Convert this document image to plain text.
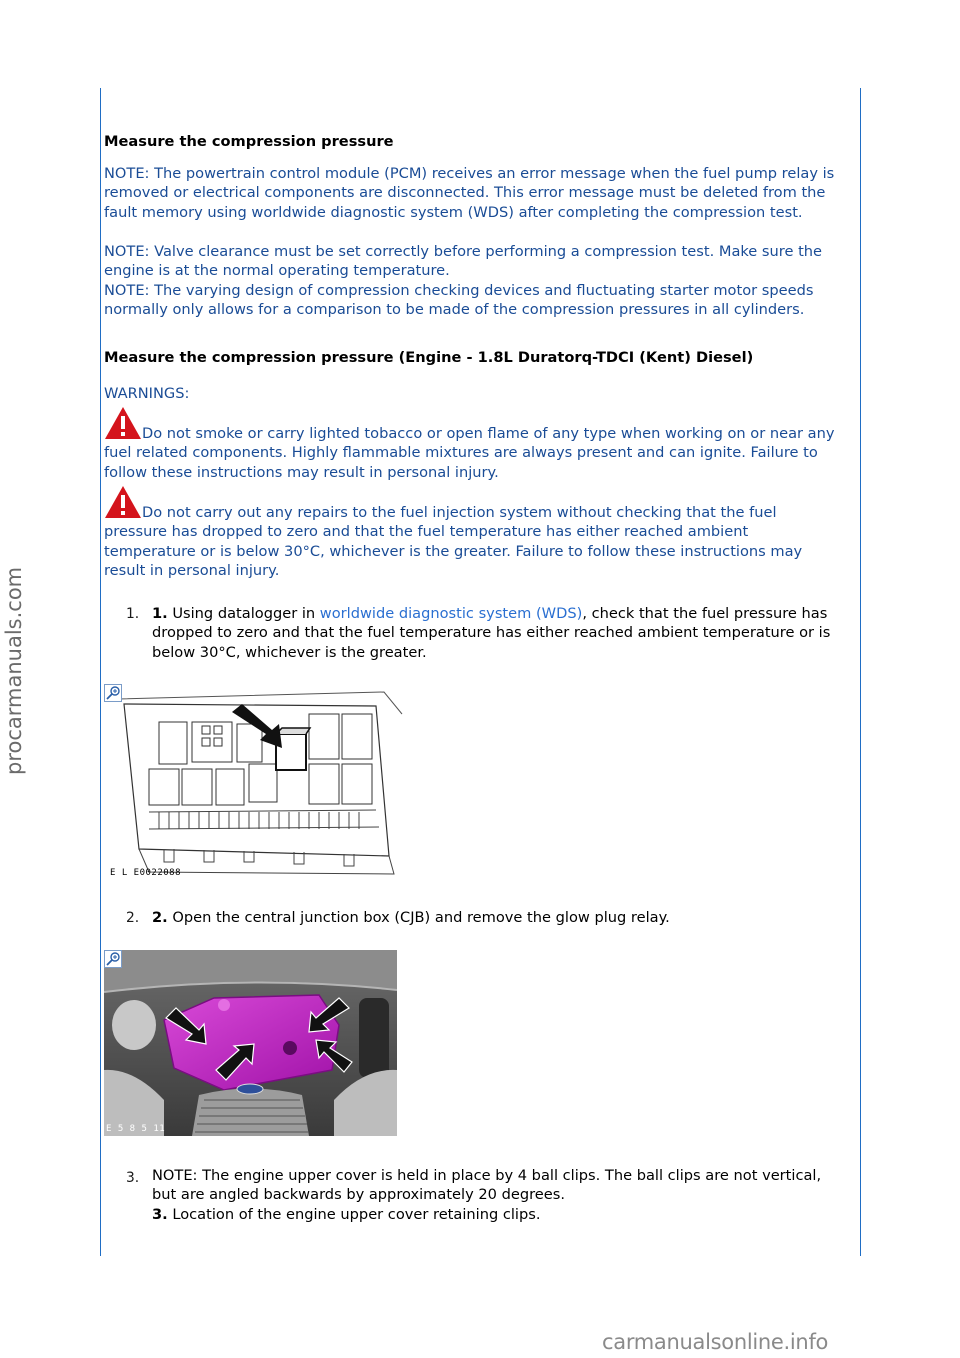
procarmanuals.com
Measure the compression pressure
NOTE: The powertrain control module (PCM) receives an error message when the fuel pump relay is removed or electrical components are disconnected. This error message must be deleted from the fault memory using worldwide diagnostic system (WDS) after completing the compression test.
NOTE: Valve clearance must be set correctly before performing a compression test. Make sure the engine is at the normal operating temperature.
NOTE: The varying design of compression checking devices and fluctuating starter motor speeds normally only allows for a comparison to be made of the compression pressures in all cylinders.
Measure the compression pressure (Engine - 1.8L Duratorq-TDCI (Kent) Diesel)
WARNINGS:
Do not smoke or carry lighted tobacco or open flame of any type when working on or near any fuel related components. Highly flammable mixtures are always present and can ignite. Failure to follow these instructions may result in personal injury.
Do not carry out any repairs to the fuel injection system without checking that the fuel pressure has dropped to zero and that the fuel temperature has either reached ambient temperature or is below 30°C, whichever is the greater. Failure to follow these instructions may result in personal injury.
1. 1. Using datalogger in worldwide diagnostic system (WDS), check that the fuel pressure has dropped to zero and that the fuel temperature has either reached ambient temperature or is below 30°C, whichever is the greater.
2. 2. Open the central junction box (CJB) and remove the glow plug relay.
3. NOTE: The engine upper cover is held in place by 4 ball clips. The ball clips are not vertical, but are angled backwards by approximately 20 degrees.
3. Location of the engine upper cover retaining clips.
E L E0022088
E 5 8 5 11
carmanualsonline.info
